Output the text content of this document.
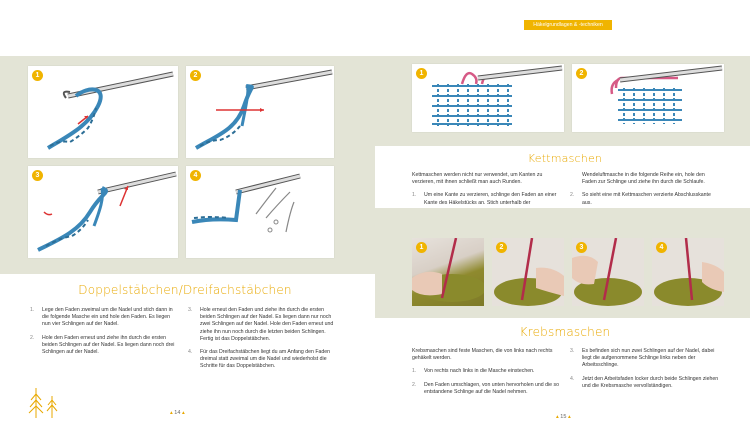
Häkelgrundlagen & -techniken
1	2
3	4
Doppelstäbchen/Dreifachstäbchen
1. Lege den Faden zweimal um die Nadel und stich dann in die folgende Masche ein und hole den Faden. Es liegen nun vier Schlingen auf der Nadel.
2. Hole den Faden erneut und ziehe ihn durch die ersten beiden Schlingen auf der Nadel. Es liegen dann noch drei Schlingen auf der Nadel.
3. Hole erneut den Faden und ziehe ihn durch die ersten beiden Schlingen auf der Nadel. Es liegen dann nur noch zwei Schlingen auf der Nadel. Hole den Faden erneut und ziehe ihn nun noch durch die letzten beiden Schlingen. Fertig ist das Doppelstäbchen.
4. Für das Dreifachstäbchen liegt du am Anfang den Faden dreimal statt zweimal um die Nadel und wiederholst die Schritte für das Doppelstäbchen.
▴ 14 ▴
1	2
Kettmaschen
Kettmaschen werden nicht nur verwendet, um Kanten zu verzieren, mit ihnen schließt man auch Runden.
1. Um eine Kante zu verzieren, schlinge den Faden an einer Kante des Häkelstücks an. Stich unterhalb der
Wendeluftmasche in die folgende Reihe ein, hole den Faden zur Schlinge und ziehe ihn durch die Schlaufe.
2. So sieht eine mit Kettmaschen verzierte Abschlusskante aus.
1	2	3	4
Krebsmaschen
Krebsmaschen sind feste Maschen, die von links nach rechts gehäkelt werden.
1. Von rechts nach links in die Masche einstechen.
2. Den Faden umschlagen, von unten hervorholen und die so entstandene Schlinge auf die Nadel nehmen.
3. Es befinden sich nun zwei Schlingen auf der Nadel, dabei liegt die aufgenommene Schlinge links neben der Arbeitsschlinge.
4. Jetzt den Arbeitsfaden locker durch beide Schlingen ziehen und die Krebsmasche vervollständigen.
▴ 15 ▴
